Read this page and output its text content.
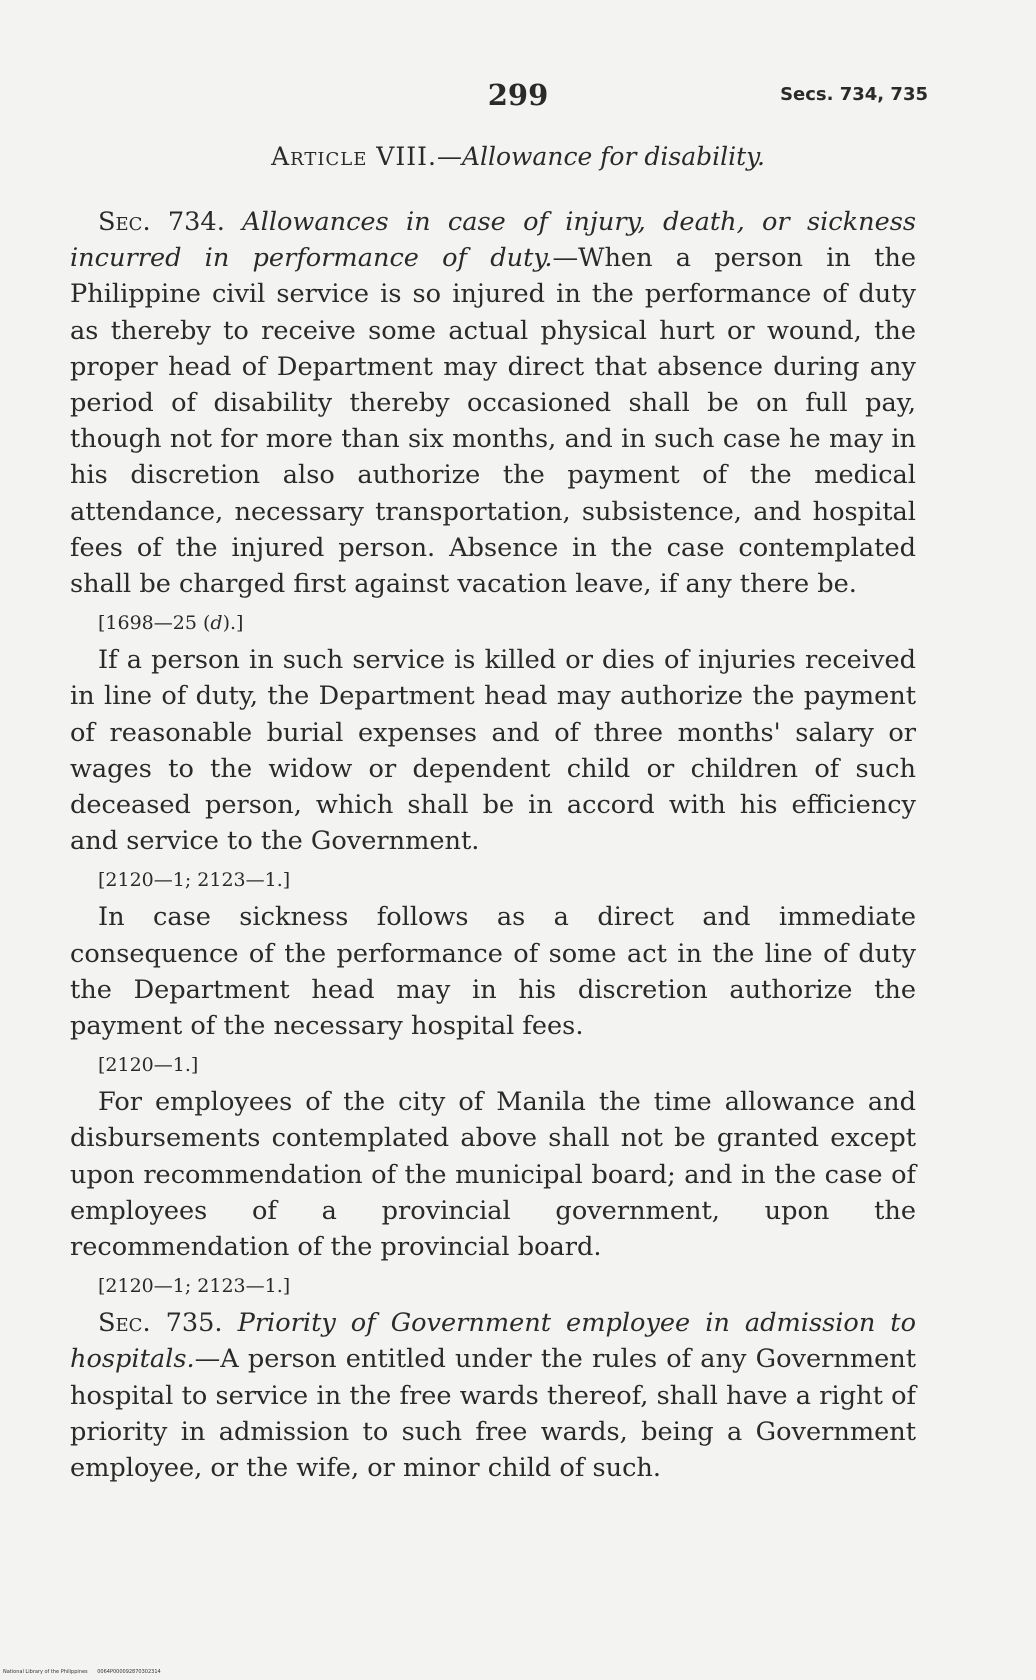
299	Secs. 734, 735
Article VIII.—Allowance for disability.

Sec. 734. Allowances in case of injury, death, or sickness incurred in performance of duty.—When a person in the Philippine civil service is so injured in the performance of duty as thereby to receive some actual physical hurt or wound, the proper head of Department may direct that absence during any period of disability thereby occasioned shall be on full pay, though not for more than six months, and in such case he may in his discretion also authorize the payment of the medical attendance, necessary transportation, subsistence, and hospital fees of the injured person. Absence in the case contemplated shall be charged first against vacation leave, if any there be.

[1698—25 (d).]

If a person in such service is killed or dies of injuries received in line of duty, the Department head may authorize the payment of reasonable burial expenses and of three months' salary or wages to the widow or dependent child or children of such deceased person, which shall be in accord with his efficiency and service to the Government.

[2120—1; 2123—1.]

In case sickness follows as a direct and immediate consequence of the performance of some act in the line of duty the Department head may in his discretion authorize the payment of the necessary hospital fees.

[2120—1.]

For employees of the city of Manila the time allowance and disbursements contemplated above shall not be granted except upon recommendation of the municipal board; and in the case of employees of a provincial government, upon the recommendation of the provincial board.

[2120—1; 2123—1.]

Sec. 735. Priority of Government employee in admission to hospitals.—A person entitled under the rules of any Government hospital to service in the free wards thereof, shall have a right of priority in admission to such free wards, being a Government employee, or the wife, or minor child of such.

National Library of the Philippines 0064P000092870302314
